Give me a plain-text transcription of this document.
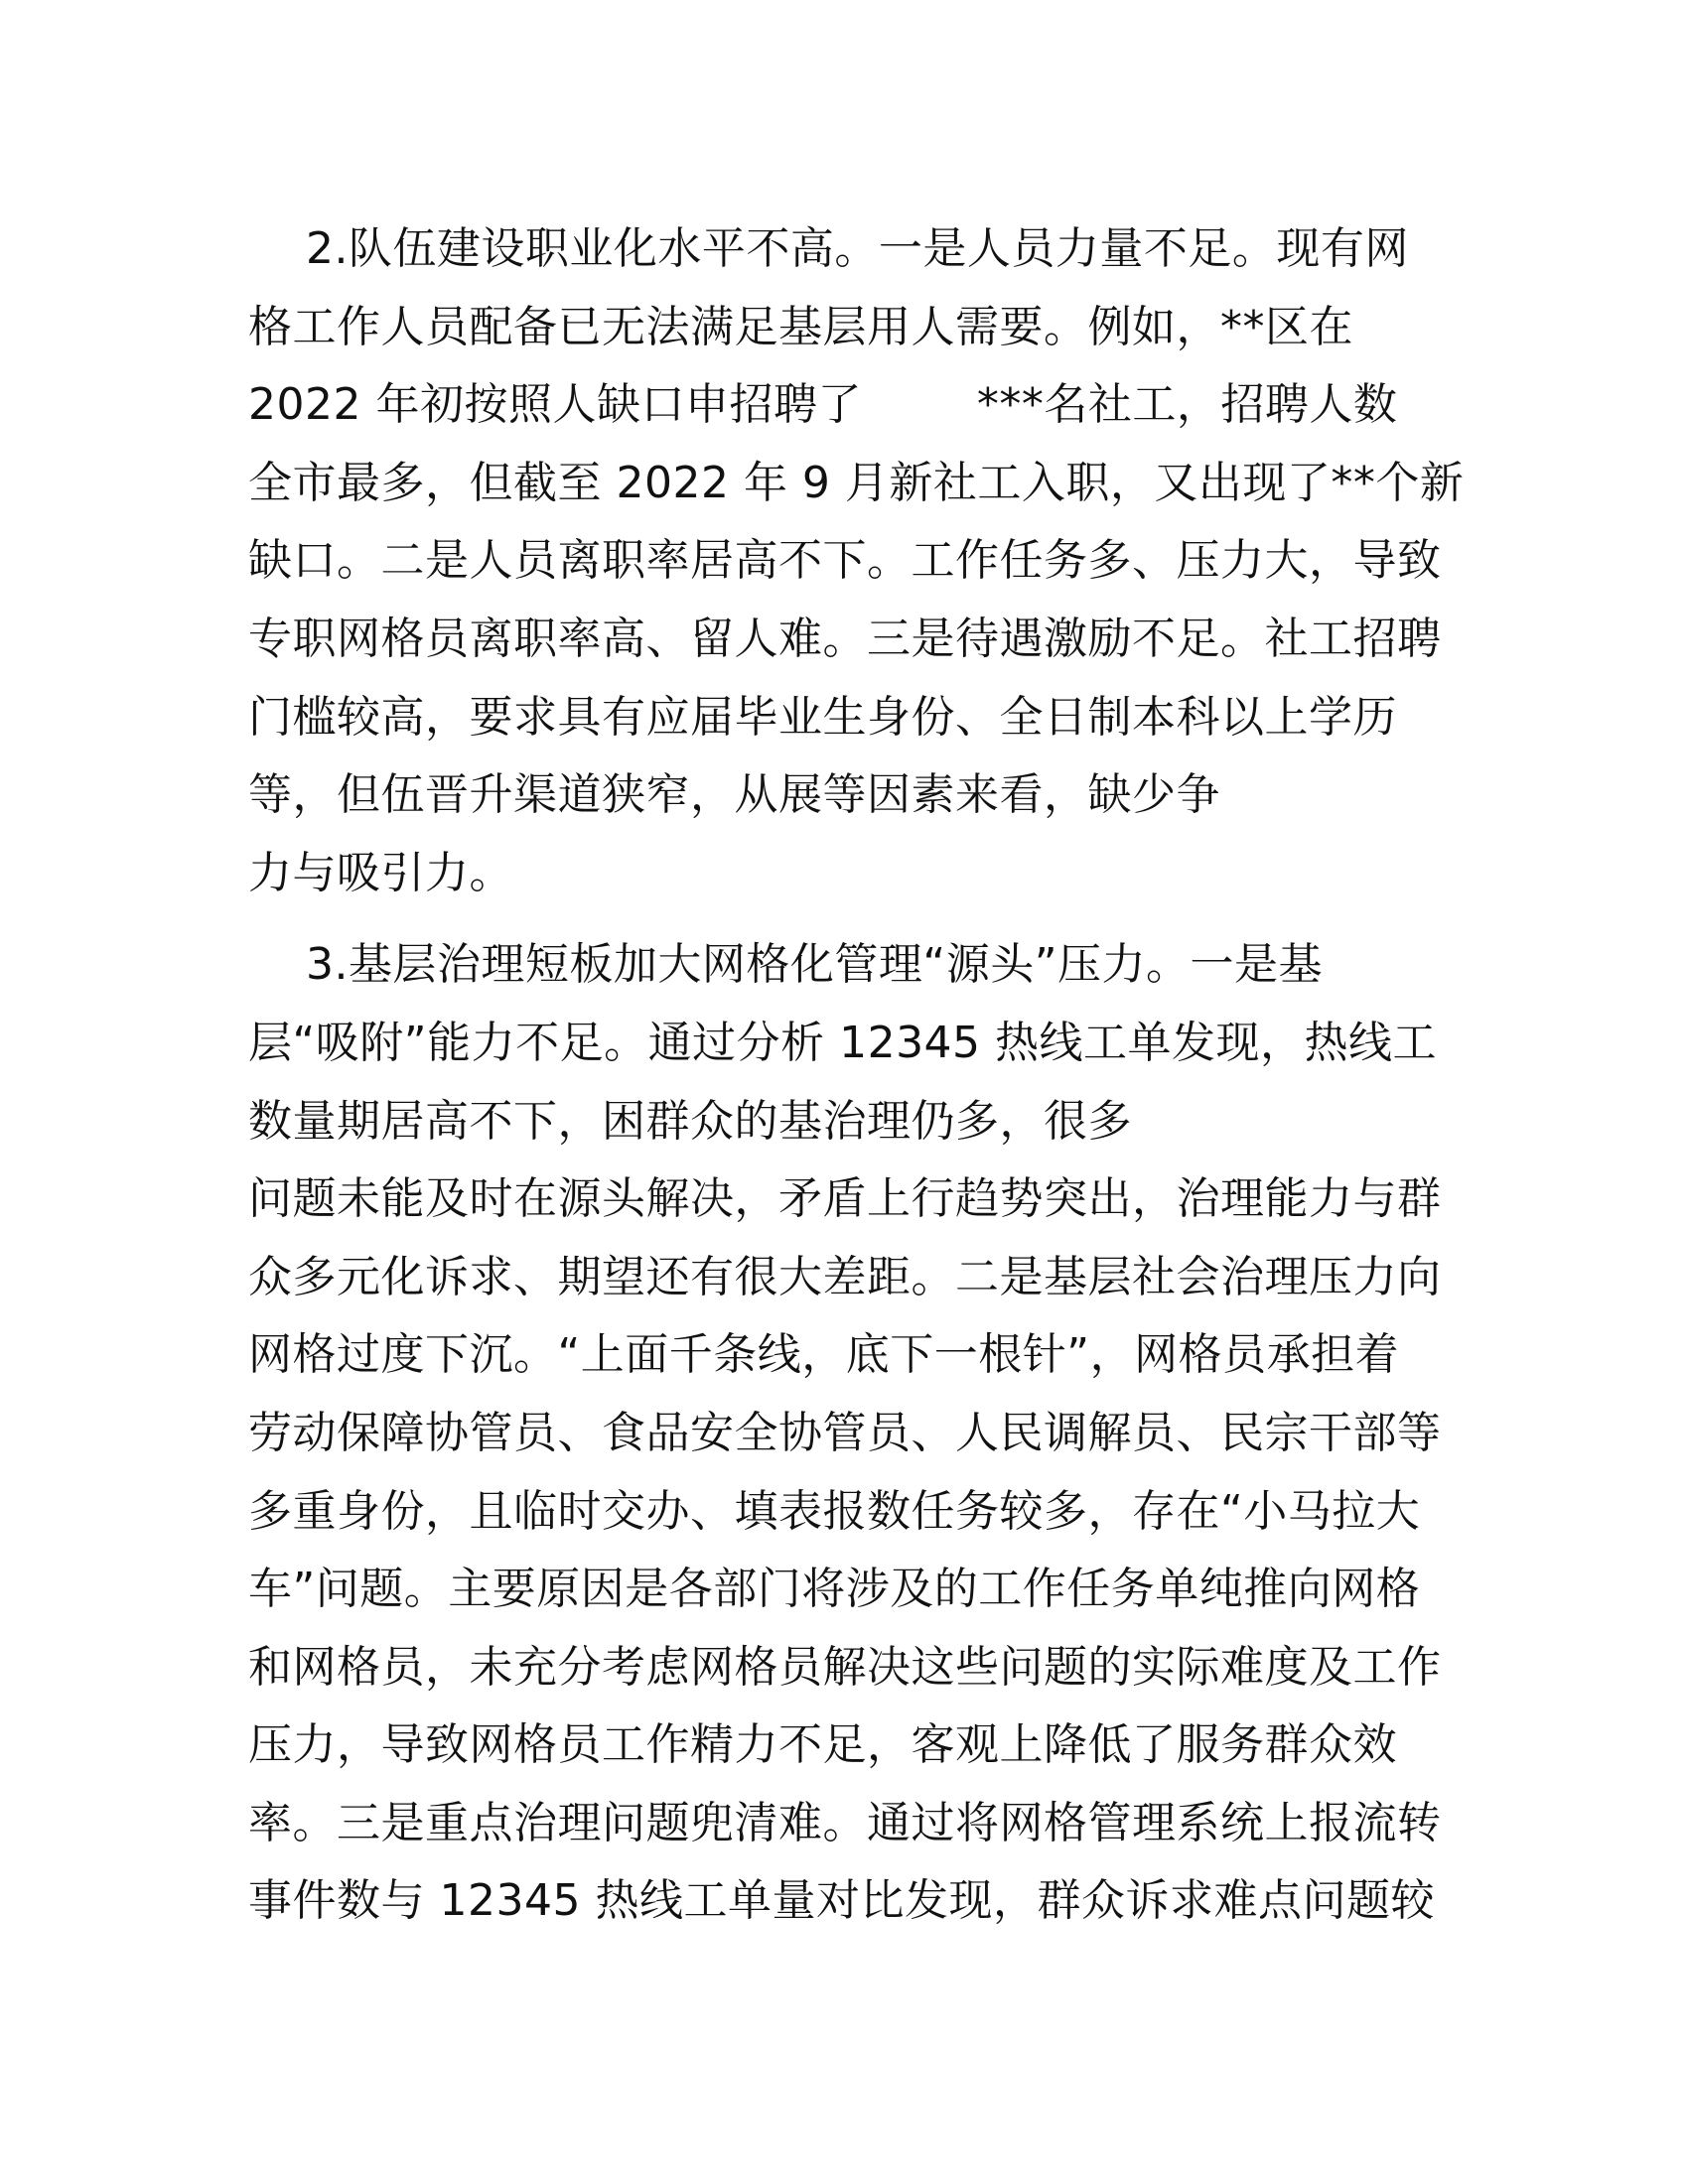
2.队伍建设职业化水平不高。一是人员力量不足。现有网
格工作人员配备已无法满足基层用人需要。例如，**区在
2022 年初按照人缺口申招聘了        ***名社工，招聘人数
全市最多，但截至 2022 年 9 月新社工入职，又出现了**个新
缺口。二是人员离职率居高不下。工作任务多、压力大，导致
专职网格员离职率高、留人难。三是待遇激励不足。社工招聘
门槛较高，要求具有应届毕业生身份、全日制本科以上学历
等，但伍晋升渠道狭窄，从展等因素来看，缺少争
力与吸引力。
3.基层治理短板加大网格化管理“源头”压力。一是基
层“吸附”能力不足。通过分析 12345 热线工单发现，热线工
数量期居高不下，困群众的基治理仍多，很多
问题未能及时在源头解决，矛盾上行趋势突出，治理能力与群
众多元化诉求、期望还有很大差距。二是基层社会治理压力向
网格过度下沉。“上面千条线，底下一根针”，网格员承担着
劳动保障协管员、食品安全协管员、人民调解员、民宗干部等
多重身份，且临时交办、填表报数任务较多，存在“小马拉大
车”问题。主要原因是各部门将涉及的工作任务单纯推向网格
和网格员，未充分考虑网格员解决这些问题的实际难度及工作
压力，导致网格员工作精力不足，客观上降低了服务群众效
率。三是重点治理问题兜清难。通过将网格管理系统上报流转
事件数与 12345 热线工单量对比发现，群众诉求难点问题较
